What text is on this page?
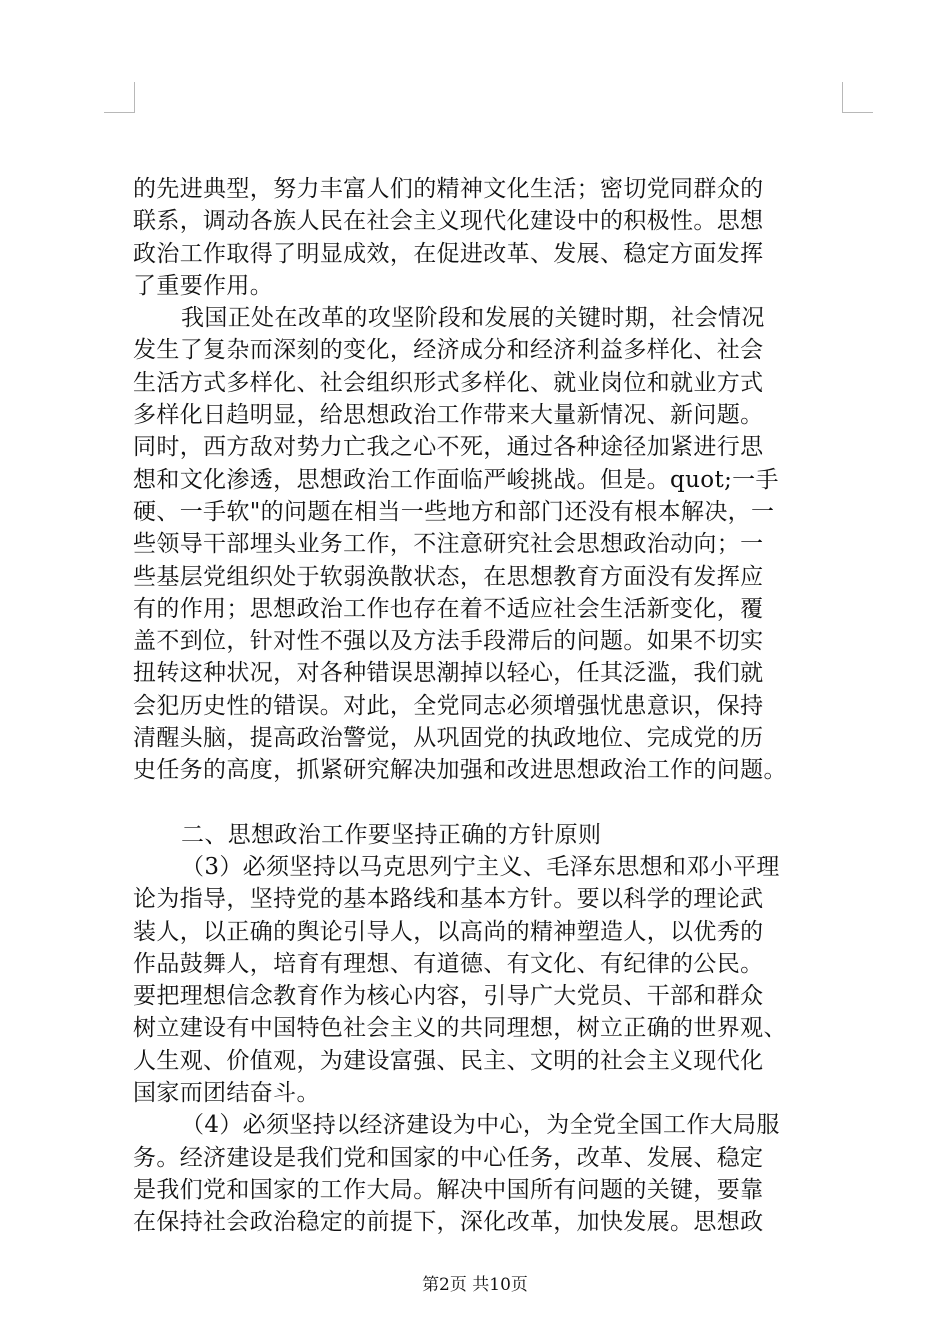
的先进典型，努力丰富人们的精神文化生活；密切党同群众的
联系，调动各族人民在社会主义现代化建设中的积极性。思想
政治工作取得了明显成效，在促进改革、发展、稳定方面发挥
了重要作用。
我国正处在改革的攻坚阶段和发展的关键时期，社会情况
发生了复杂而深刻的变化，经济成分和经济利益多样化、社会
生活方式多样化、社会组织形式多样化、就业岗位和就业方式
多样化日趋明显，给思想政治工作带来大量新情况、新问题。
同时，西方敌对势力亡我之心不死，通过各种途径加紧进行思
想和文化渗透，思想政治工作面临严峻挑战。但是。quot;一手
硬、一手软"的问题在相当一些地方和部门还没有根本解决，一
些领导干部埋头业务工作，不注意研究社会思想政治动向；一
些基层党组织处于软弱涣散状态，在思想教育方面没有发挥应
有的作用；思想政治工作也存在着不适应社会生活新变化，覆
盖不到位，针对性不强以及方法手段滞后的问题。如果不切实
扭转这种状况，对各种错误思潮掉以轻心，任其泛滥，我们就
会犯历史性的错误。对此，全党同志必须增强忧患意识，保持
清醒头脑，提高政治警觉，从巩固党的执政地位、完成党的历
史任务的高度，抓紧研究解决加强和改进思想政治工作的问题。
二、思想政治工作要坚持正确的方针原则
（3）必须坚持以马克思列宁主义、毛泽东思想和邓小平理
论为指导，坚持党的基本路线和基本方针。要以科学的理论武
装人，以正确的舆论引导人，以高尚的精神塑造人，以优秀的
作品鼓舞人，培育有理想、有道德、有文化、有纪律的公民。
要把理想信念教育作为核心内容，引导广大党员、干部和群众
树立建设有中国特色社会主义的共同理想，树立正确的世界观、
人生观、价值观，为建设富强、民主、文明的社会主义现代化
国家而团结奋斗。
（4）必须坚持以经济建设为中心，为全党全国工作大局服
务。经济建设是我们党和国家的中心任务，改革、发展、稳定
是我们党和国家的工作大局。解决中国所有问题的关键，要靠
在保持社会政治稳定的前提下，深化改革，加快发展。思想政
第2页 共10页
